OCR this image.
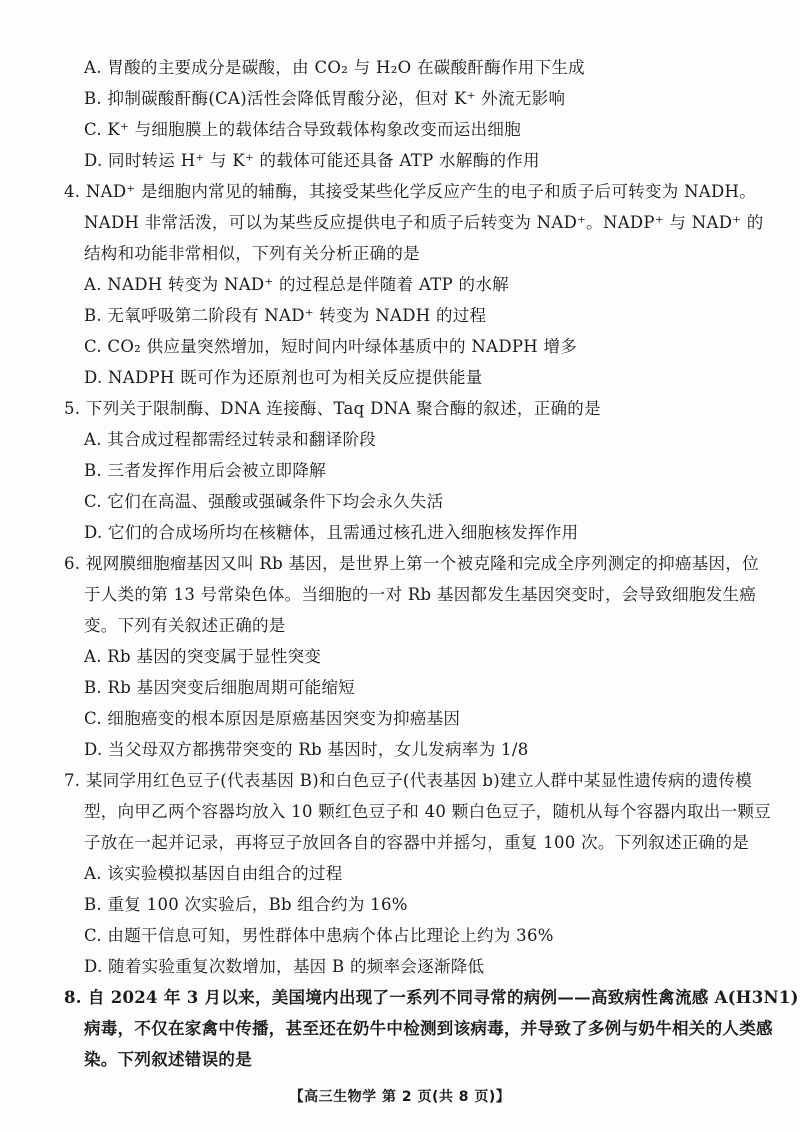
A. 胃酸的主要成分是碳酸，由 CO₂ 与 H₂O 在碳酸酐酶作用下生成
B. 抑制碳酸酐酶(CA)活性会降低胃酸分泌，但对 K⁺ 外流无影响
C. K⁺ 与细胞膜上的载体结合导致载体构象改变而运出细胞
D. 同时转运 H⁺ 与 K⁺ 的载体可能还具备 ATP 水解酶的作用
4. NAD⁺ 是细胞内常见的辅酶，其接受某些化学反应产生的电子和质子后可转变为 NADH。
NADH 非常活泼，可以为某些反应提供电子和质子后转变为 NAD⁺。NADP⁺ 与 NAD⁺ 的
结构和功能非常相似，下列有关分析正确的是
A. NADH 转变为 NAD⁺ 的过程总是伴随着 ATP 的水解
B. 无氧呼吸第二阶段有 NAD⁺ 转变为 NADH 的过程
C. CO₂ 供应量突然增加，短时间内叶绿体基质中的 NADPH 增多
D. NADPH 既可作为还原剂也可为相关反应提供能量
5. 下列关于限制酶、DNA 连接酶、Taq DNA 聚合酶的叙述，正确的是
A. 其合成过程都需经过转录和翻译阶段
B. 三者发挥作用后会被立即降解
C. 它们在高温、强酸或强碱条件下均会永久失活
D. 它们的合成场所均在核糖体，且需通过核孔进入细胞核发挥作用
6. 视网膜细胞瘤基因又叫 Rb 基因，是世界上第一个被克隆和完成全序列测定的抑癌基因，位
于人类的第 13 号常染色体。当细胞的一对 Rb 基因都发生基因突变时，会导致细胞发生癌
变。下列有关叙述正确的是
A. Rb 基因的突变属于显性突变
B. Rb 基因突变后细胞周期可能缩短
C. 细胞癌变的根本原因是原癌基因突变为抑癌基因
D. 当父母双方都携带突变的 Rb 基因时，女儿发病率为 1/8
7. 某同学用红色豆子(代表基因 B)和白色豆子(代表基因 b)建立人群中某显性遗传病的遗传模
型，向甲乙两个容器均放入 10 颗红色豆子和 40 颗白色豆子，随机从每个容器内取出一颗豆
子放在一起并记录，再将豆子放回各自的容器中并摇匀，重复 100 次。下列叙述正确的是
A. 该实验模拟基因自由组合的过程
B. 重复 100 次实验后，Bb 组合约为 16%
C. 由题干信息可知，男性群体中患病个体占比理论上约为 36%
D. 随着实验重复次数增加，基因 B 的频率会逐渐降低
8. 自 2024 年 3 月以来，美国境内出现了一系列不同寻常的病例——高致病性禽流感 A(H3N1)
病毒，不仅在家禽中传播，甚至还在奶牛中检测到该病毒，并导致了多例与奶牛相关的人类感
染。下列叙述错误的是
【高三生物学 第 2 页(共 8 页)】
